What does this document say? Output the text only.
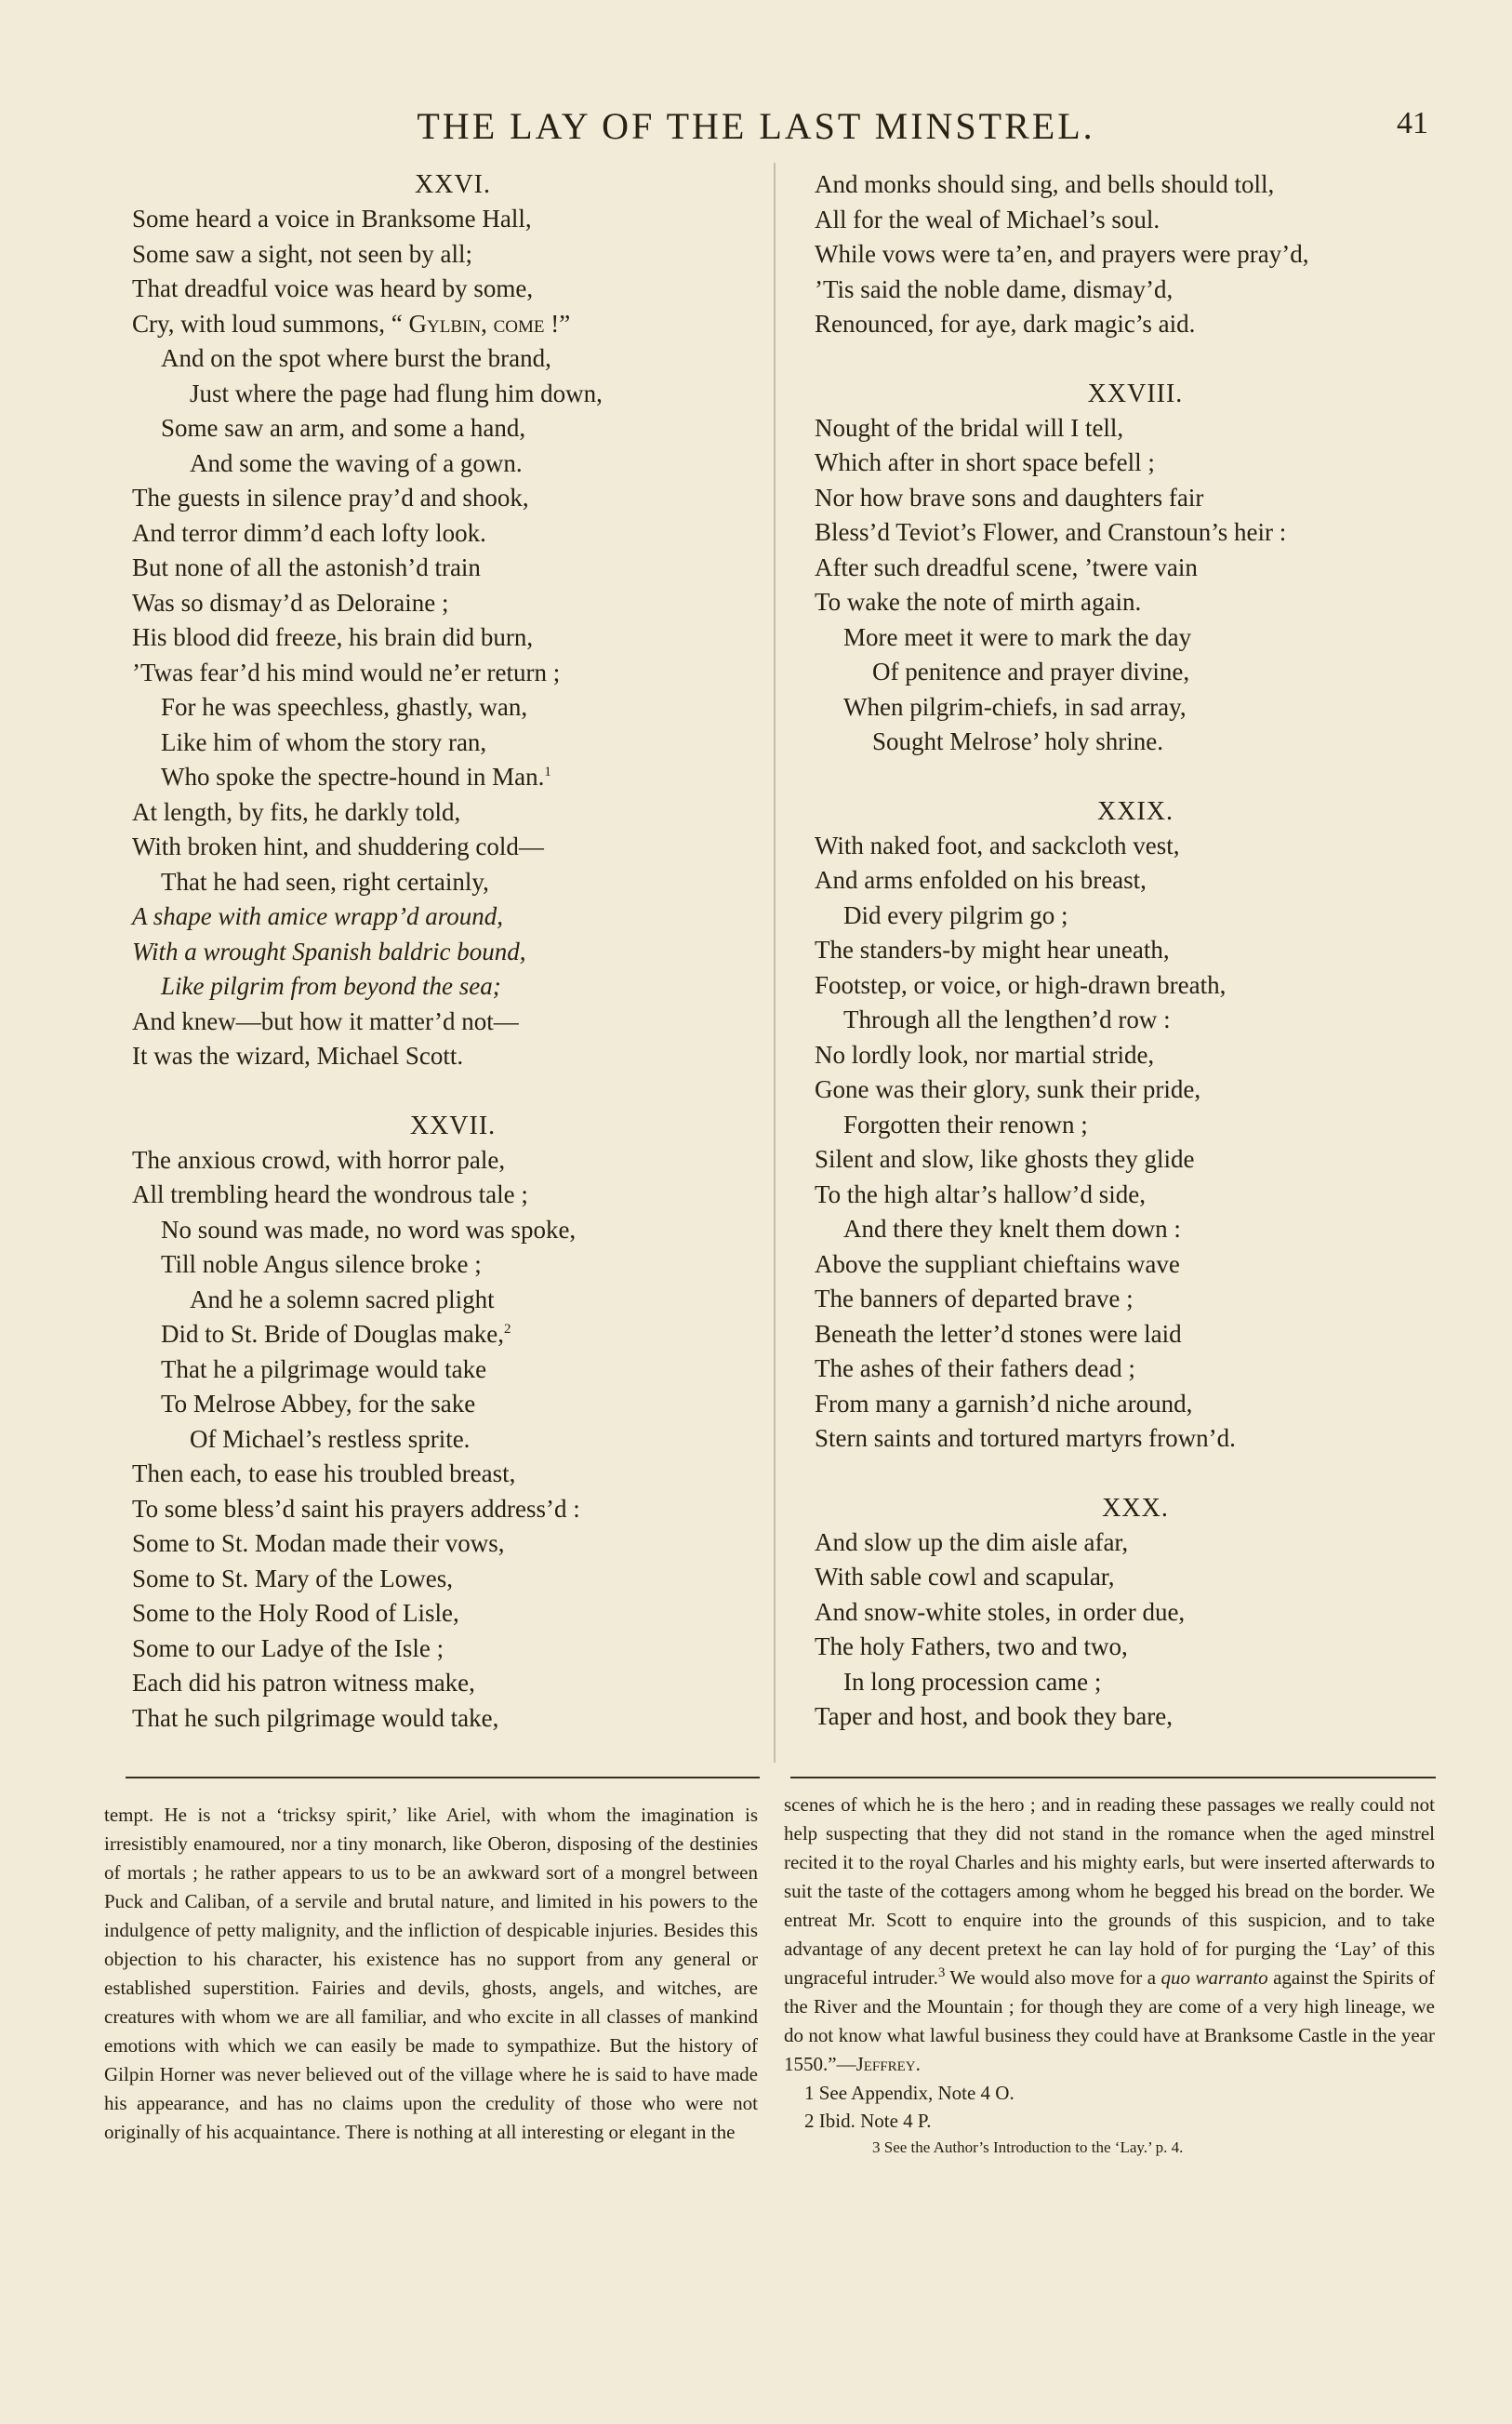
THE LAY OF THE LAST MINSTREL.	41
XXVI.
Some heard a voice in Branksome Hall,
Some saw a sight, not seen by all;
That dreadful voice was heard by some,
Cry, with loud summons, “ Gylbin, come !”
And on the spot where burst the brand,
Just where the page had flung him down,
Some saw an arm, and some a hand,
And some the waving of a gown.
The guests in silence pray’d and shook,
And terror dimm’d each lofty look.
But none of all the astonish’d train
Was so dismay’d as Deloraine ;
His blood did freeze, his brain did burn,
’Twas fear’d his mind would ne’er return ;
For he was speechless, ghastly, wan,
Like him of whom the story ran,
Who spoke the spectre-hound in Man.$^1$
At length, by fits, he darkly told,
With broken hint, and shuddering cold—
That he had seen, right certainly,
A shape with amice wrapp’d around,
With a wrought Spanish baldric bound,
Like pilgrim from beyond the sea;
And knew—but how it matter’d not—
It was the wizard, Michael Scott.
XXVII.
The anxious crowd, with horror pale,
All trembling heard the wondrous tale ;
No sound was made, no word was spoke,
Till noble Angus silence broke ;
And he a solemn sacred plight
Did to St. Bride of Douglas make,$^2$
That he a pilgrimage would take
To Melrose Abbey, for the sake
Of Michael’s restless sprite.
Then each, to ease his troubled breast,
To some bless’d saint his prayers address’d :
Some to St. Modan made their vows,
Some to St. Mary of the Lowes,
Some to the Holy Rood of Lisle,
Some to our Ladye of the Isle ;
Each did his patron witness make,
That he such pilgrimage would take,
And monks should sing, and bells should toll,
All for the weal of Michael’s soul.
While vows were ta’en, and prayers were pray’d,
’Tis said the noble dame, dismay’d,
Renounced, for aye, dark magic’s aid.
XXVIII.
Nought of the bridal will I tell,
Which after in short space befell ;
Nor how brave sons and daughters fair
Bless’d Teviot’s Flower, and Cranstoun’s heir :
After such dreadful scene, ’twere vain
To wake the note of mirth again.
More meet it were to mark the day
Of penitence and prayer divine,
When pilgrim-chiefs, in sad array,
Sought Melrose’ holy shrine.
XXIX.
With naked foot, and sackcloth vest,
And arms enfolded on his breast,
Did every pilgrim go ;
The standers-by might hear uneath,
Footstep, or voice, or high-drawn breath,
Through all the lengthen’d row :
No lordly look, nor martial stride,
Gone was their glory, sunk their pride,
Forgotten their renown ;
Silent and slow, like ghosts they glide
To the high altar’s hallow’d side,
And there they knelt them down :
Above the suppliant chieftains wave
The banners of departed brave ;
Beneath the letter’d stones were laid
The ashes of their fathers dead ;
From many a garnish’d niche around,
Stern saints and tortured martyrs frown’d.
XXX.
And slow up the dim aisle afar,
With sable cowl and scapular,
And snow-white stoles, in order due,
The holy Fathers, two and two,
In long procession came ;
Taper and host, and book they bare,

tempt. He is not a ‘tricksy spirit,’ like Ariel, with whom the imagination is irresistibly enamoured, nor a tiny monarch, like Oberon, disposing of the destinies of mortals ; he rather appears to us to be an awkward sort of a mongrel between Puck and Caliban, of a servile and brutal nature, and limited in his powers to the indulgence of petty malignity, and the infliction of despicable injuries. Besides this objection to his character, his existence has no support from any general or established superstition. Fairies and devils, ghosts, angels, and witches, are creatures with whom we are all familiar, and who excite in all classes of mankind emotions with which we can easily be made to sympathize. But the history of Gilpin Horner was never believed out of the village where he is said to have made his appearance, and has no claims upon the credulity of those who were not originally of his acquaintance. There is nothing at all interesting or elegant in the

scenes of which he is the hero ; and in reading these passages we really could not help suspecting that they did not stand in the romance when the aged minstrel recited it to the royal Charles and his mighty earls, but were inserted afterwards to suit the taste of the cottagers among whom he begged his bread on the border. We entreat Mr. Scott to enquire into the grounds of this suspicion, and to take advantage of any decent pretext he can lay hold of for purging the ‘Lay’ of this ungraceful intruder.$^3$ We would also move for a quo warranto against the Spirits of the River and the Mountain ; for though they are come of a very high lineage, we do not know what lawful business they could have at Branksome Castle in the year 1550.”—Jeffrey.

1 See Appendix, Note 4 O.
2 Ibid. Note 4 P.
3 See the Author’s Introduction to the ‘Lay.’ p. 4.
